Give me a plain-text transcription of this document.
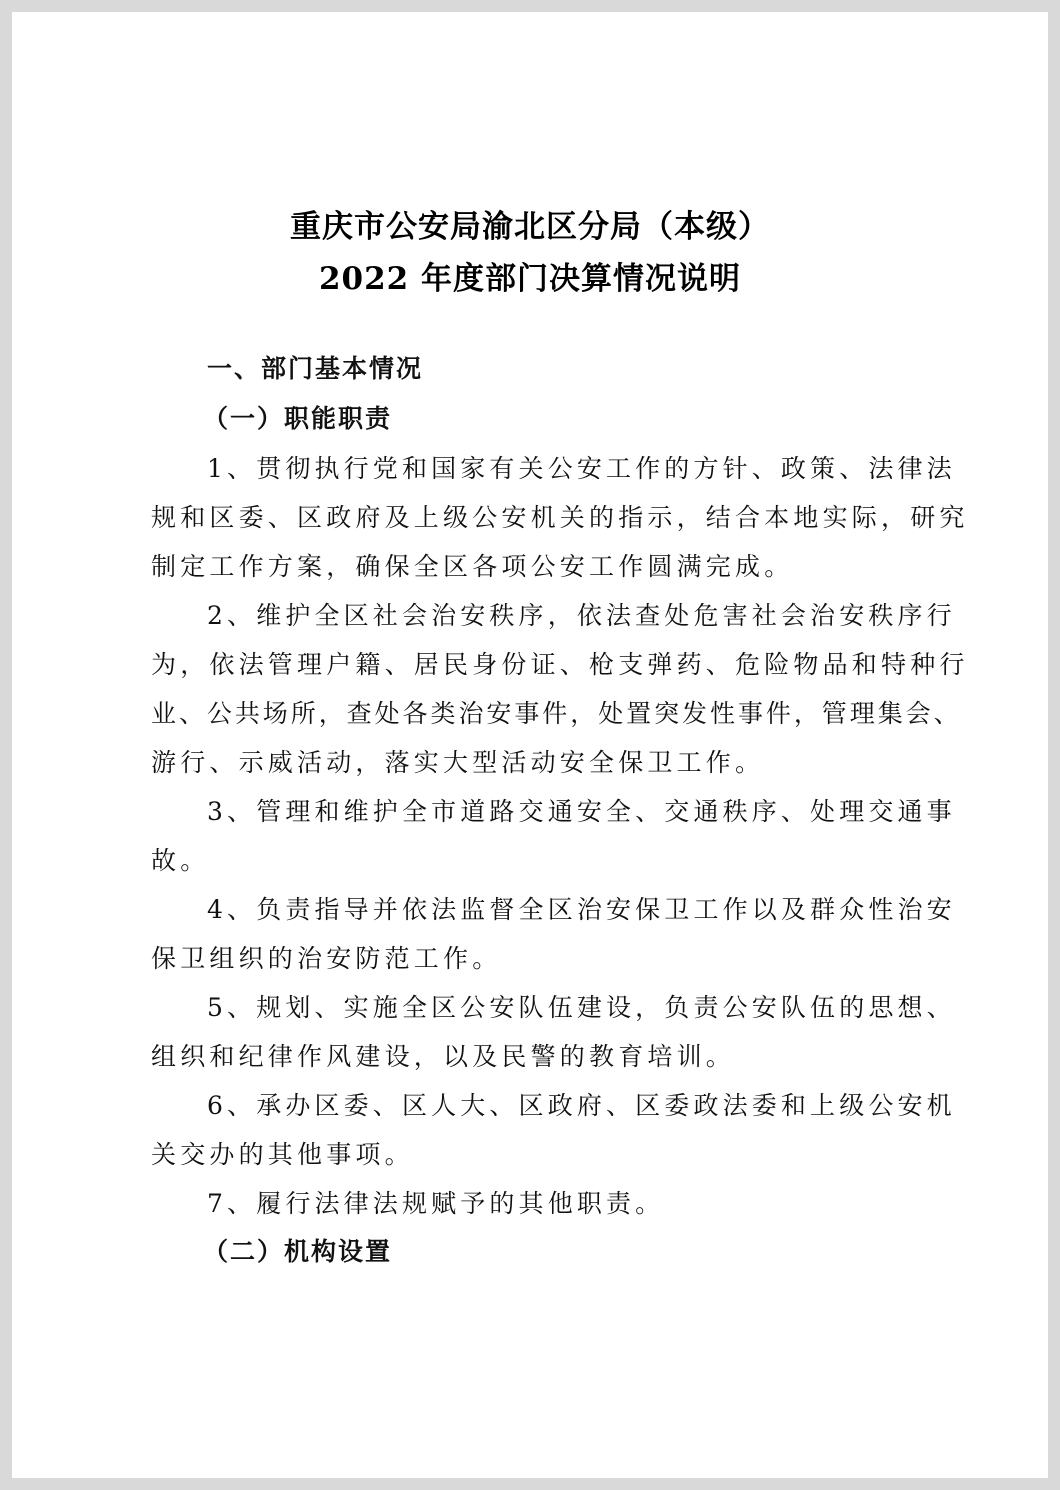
重庆市公安局渝北区分局（本级）
2022 年度部门决算情况说明
一、部门基本情况
（一）职能职责
1、贯彻执行党和国家有关公安工作的方针、政策、法律法
规和区委、区政府及上级公安机关的指示，结合本地实际，研究
制定工作方案，确保全区各项公安工作圆满完成。
2、维护全区社会治安秩序，依法查处危害社会治安秩序行
为，依法管理户籍、居民身份证、枪支弹药、危险物品和特种行
业、公共场所，查处各类治安事件，处置突发性事件，管理集会、
游行、示威活动，落实大型活动安全保卫工作。
3、管理和维护全市道路交通安全、交通秩序、处理交通事
故。
4、负责指导并依法监督全区治安保卫工作以及群众性治安
保卫组织的治安防范工作。
5、规划、实施全区公安队伍建设，负责公安队伍的思想、
组织和纪律作风建设，以及民警的教育培训。
6、承办区委、区人大、区政府、区委政法委和上级公安机
关交办的其他事项。
7、履行法律法规赋予的其他职责。
（二）机构设置
